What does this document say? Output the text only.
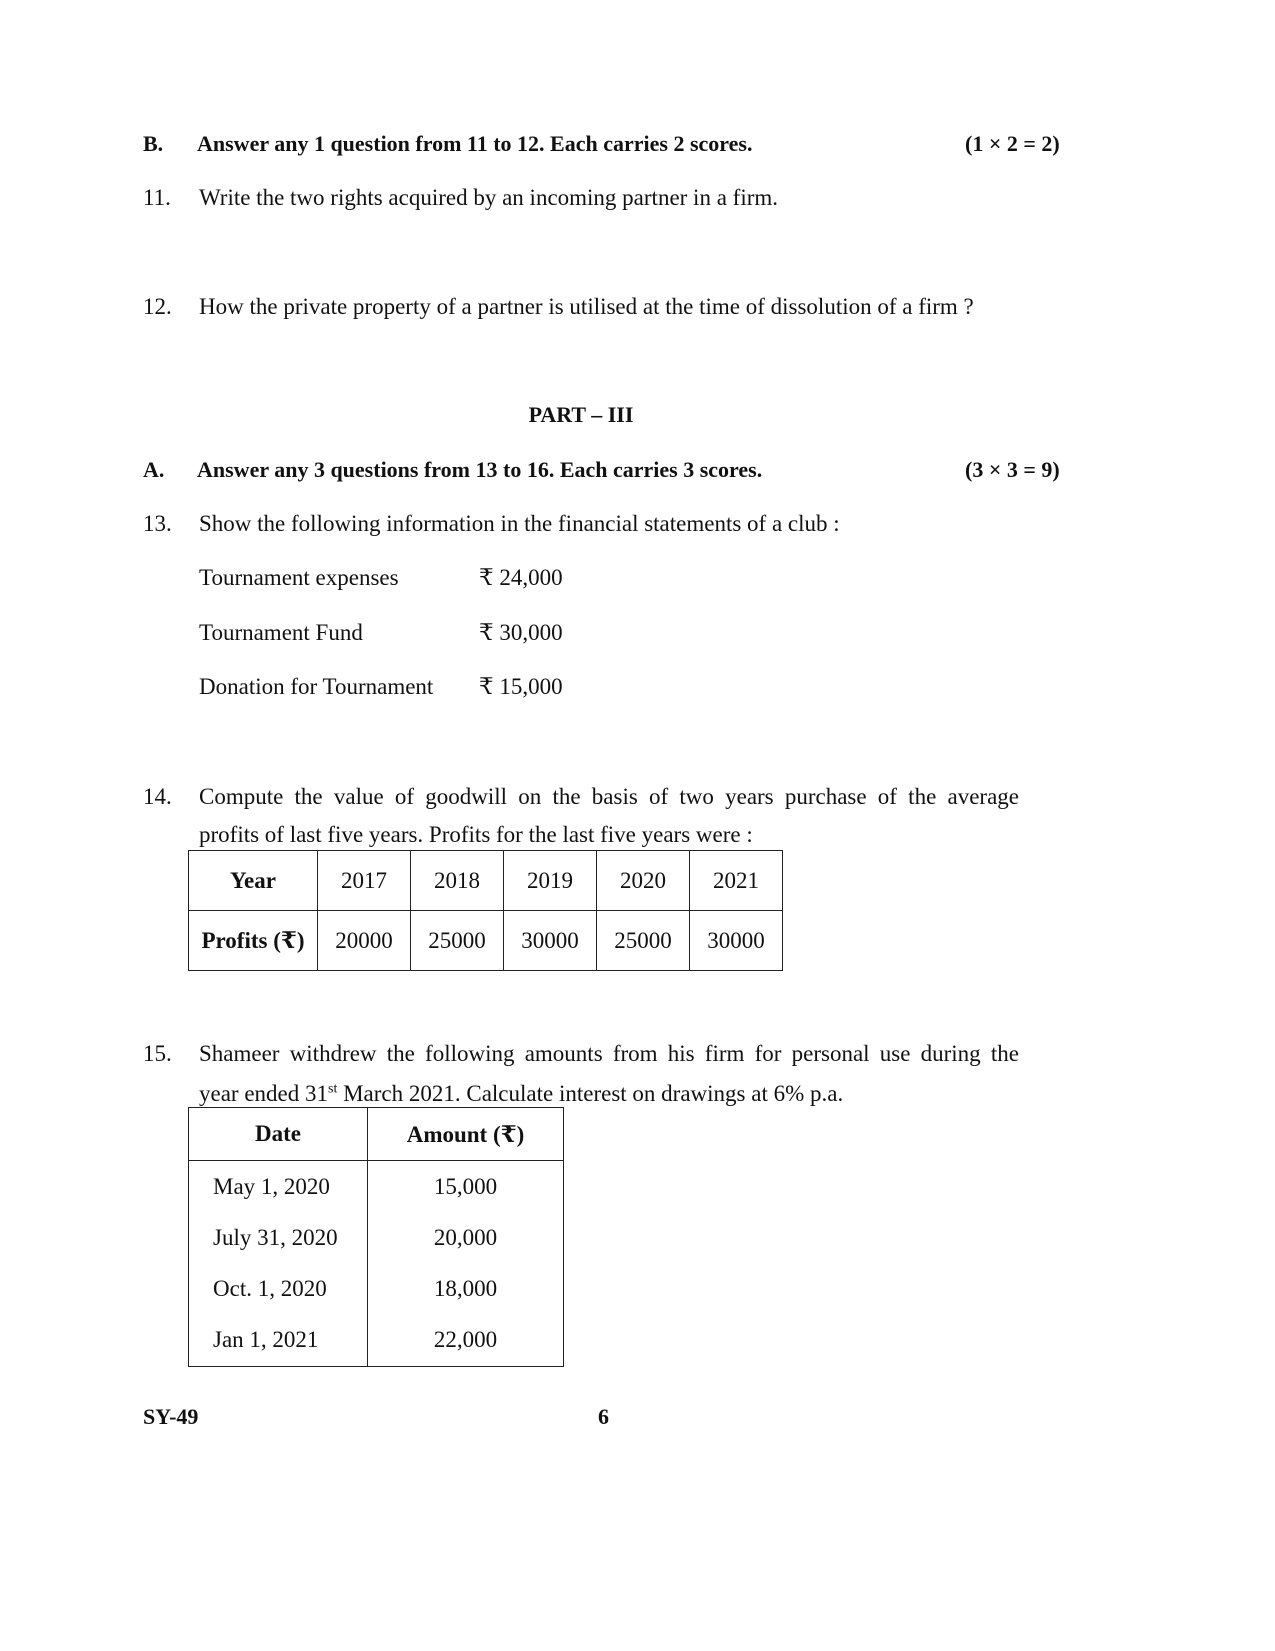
B. Answer any 1 question from 11 to 12. Each carries 2 scores.	(1 × 2 = 2)
11. Write the two rights acquired by an incoming partner in a firm.
12. How the private property of a partner is utilised at the time of dissolution of a firm ?
PART – III
A. Answer any 3 questions from 13 to 16. Each carries 3 scores.	(3 × 3 = 9)
13. Show the following information in the financial statements of a club :
Tournament expenses	₹ 24,000
Tournament Fund	₹ 30,000
Donation for Tournament ₹ 15,000
14. Compute the value of goodwill on the basis of two years purchase of the average
profits of last five years. Profits for the last five years were :
Year	2017	2018	2019	2020	2021
Profits (₹)	20000	25000	30000	25000	30000
15. Shameer withdrew the following amounts from his firm for personal use during the
year ended 31st March 2021. Calculate interest on drawings at 6% p.a.
Date	Amount (₹)
May 1, 2020	15,000
July 31, 2020	20,000
Oct. 1, 2020	18,000
Jan 1, 2021	22,000
SY-49	6
